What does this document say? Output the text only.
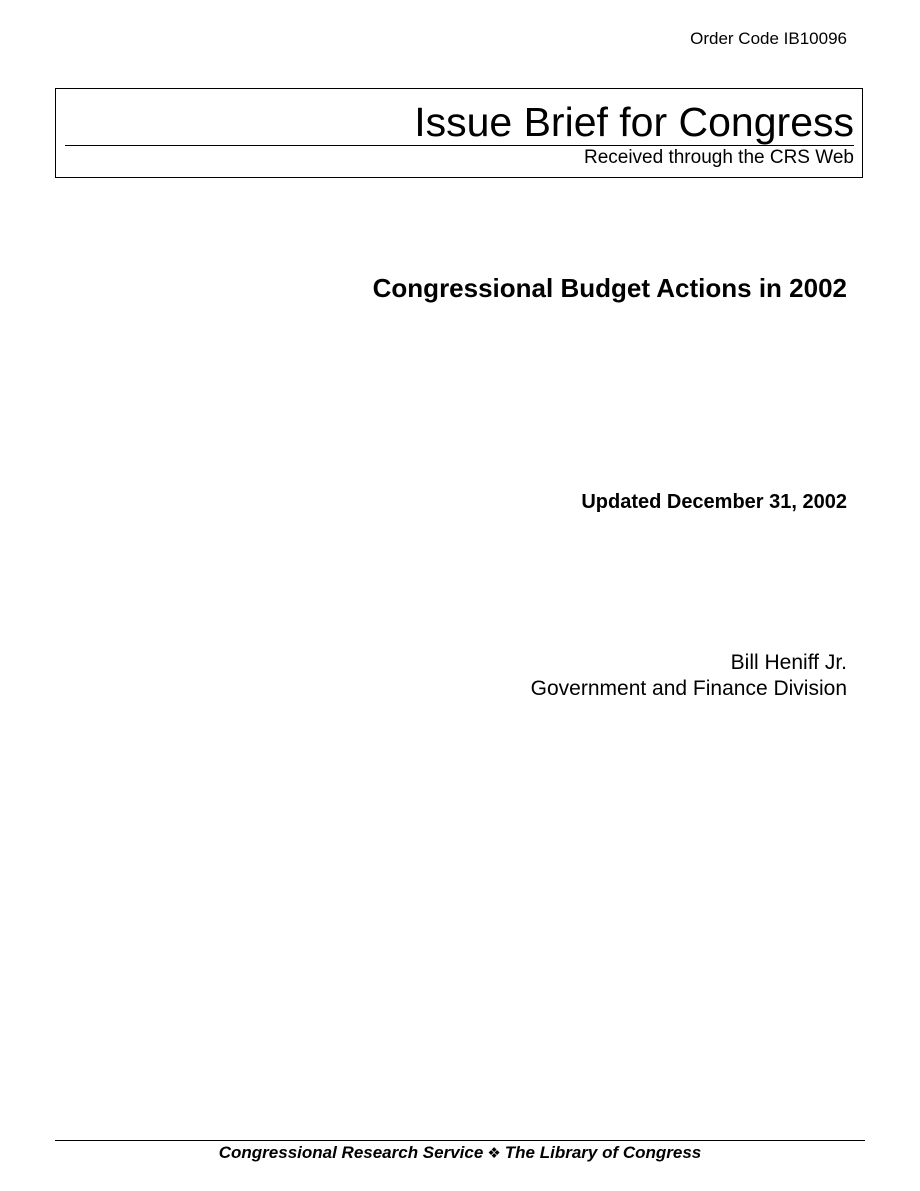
Order Code IB10096
Issue Brief for Congress
Received through the CRS Web
Congressional Budget Actions in 2002
Updated December 31, 2002
Bill Heniff Jr.
Government and Finance Division
Congressional Research Service ❖ The Library of Congress
